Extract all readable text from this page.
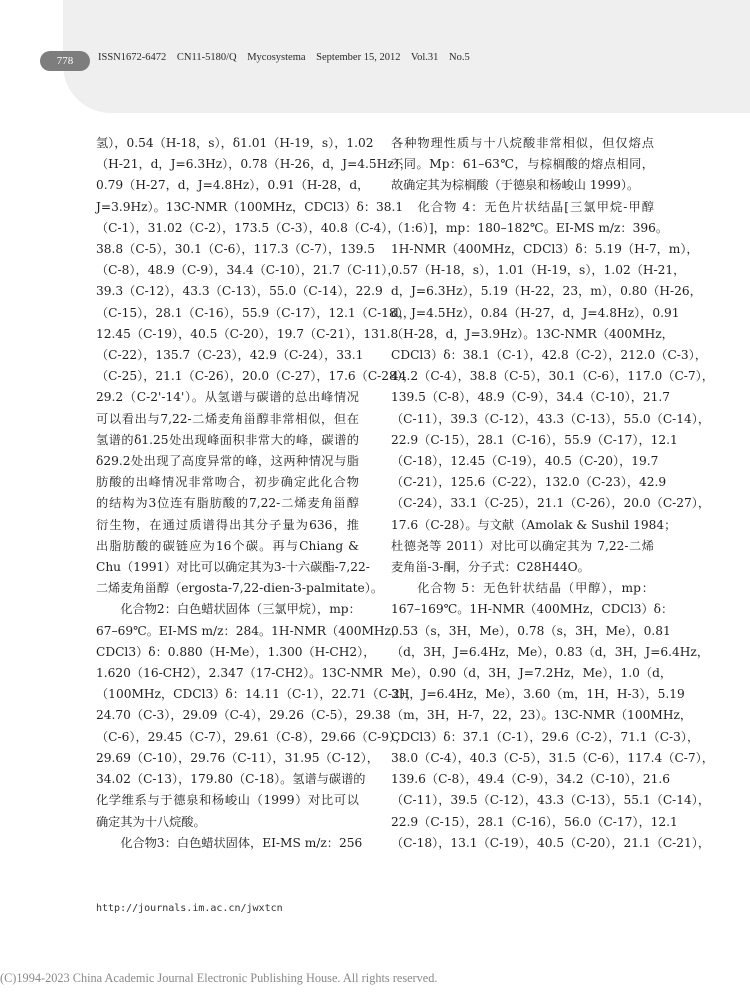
778	ISSN1672-6472 CN11-5180/Q Mycosystema September 15, 2012 Vol.31 No.5
氢），0.54（H-18，s），δ1.01（H-19，s），1.02
（H-21，d，J=6.3Hz），0.78（H-26，d，J=4.5Hz），
0.79（H-27，d，J=4.8Hz），0.91（H-28，d，
J=3.9Hz）。13C-NMR（100MHz，CDCl3）δ：38.1
（C-1），31.02（C-2），173.5（C-3），40.8（C-4），
38.8（C-5），30.1（C-6），117.3（C-7），139.5
（C-8），48.9（C-9），34.4（C-10），21.7（C-11），
39.3（C-12），43.3（C-13），55.0（C-14），22.9
（C-15），28.1（C-16），55.9（C-17），12.1（C-18），
12.45（C-19），40.5（C-20），19.7（C-21），131.8
（C-22），135.7（C-23），42.9（C-24），33.1
（C-25），21.1（C-26），20.0（C-27），17.6（C-28），
29.2（C-2'-14'）。从氢谱与碳谱的总出峰情况
可以看出与7,22-二烯麦角甾醇非常相似，但在
氢谱的δ1.25处出现峰面积非常大的峰，碳谱的
δ29.2处出现了高度异常的峰，这两种情况与脂
肪酸的出峰情况非常吻合，初步确定此化合物
的结构为3位连有脂肪酸的7,22-二烯麦角甾醇
衍生物，在通过质谱得出其分子量为636，推
出脂肪酸的碳链应为16个碳。再与Chiang &
Chu（1991）对比可以确定其为3-十六碳酯-7,22-
二烯麦角甾醇（ergosta-7,22-dien-3-palmitate）。
　　化合物2：白色蜡状固体（三氯甲烷），mp：
67–69℃。EI-MS m/z：284。1H-NMR（400MHz，
CDCl3）δ：0.880（H-Me），1.300（H-CH2），
1.620（16-CH2），2.347（17-CH2）。13C-NMR
（100MHz，CDCl3）δ：14.11（C-1），22.71（C-2），
24.70（C-3），29.09（C-4），29.26（C-5），29.38
（C-6），29.45（C-7），29.61（C-8），29.66（C-9），
29.69（C-10），29.76（C-11），31.95（C-12），
34.02（C-13），179.80（C-18）。氢谱与碳谱的
化学维系与于德泉和杨峻山（1999）对比可以
确定其为十八烷酸。
　　化合物3：白色蜡状固体，EI-MS m/z：256
各种物理性质与十八烷酸非常相似，但仅熔点
不同。Mp：61–63℃，与棕榈酸的熔点相同，
故确定其为棕榈酸（于德泉和杨峻山 1999）。
　　化合物 4：无色片状结晶[三氯甲烷-甲醇
（1:6）]，mp：180–182℃。EI-MS m/z：396。
1H-NMR（400MHz，CDCl3）δ：5.19（H-7，m），
0.57（H-18，s），1.01（H-19，s），1.02（H-21，
d，J=6.3Hz），5.19（H-22，23，m），0.80（H-26，
d，J=4.5Hz），0.84（H-27，d，J=4.8Hz），0.91
（H-28，d，J=3.9Hz）。13C-NMR（400MHz，
CDCl3）δ：38.1（C-1），42.8（C-2），212.0（C-3），
44.2（C-4），38.8（C-5），30.1（C-6），117.0（C-7），
139.5（C-8），48.9（C-9），34.4（C-10），21.7
（C-11），39.3（C-12），43.3（C-13），55.0（C-14），
22.9（C-15），28.1（C-16），55.9（C-17），12.1
（C-18），12.45（C-19），40.5（C-20），19.7
（C-21），125.6（C-22），132.0（C-23），42.9
（C-24），33.1（C-25），21.1（C-26），20.0（C-27），
17.6（C-28）。与文献（Amolak & Sushil 1984；
杜德尧等 2011）对比可以确定其为 7,22-二烯
麦角甾-3-酮，分子式：C28H44O。
　　化合物 5：无色针状结晶（甲醇），mp：
167–169℃。1H-NMR（400MHz，CDCl3）δ：
0.53（s，3H，Me），0.78（s，3H，Me），0.81
（d，3H，J=6.4Hz，Me），0.83（d，3H，J=6.4Hz，
Me），0.90（d，3H，J=7.2Hz，Me），1.0（d，
3H，J=6.4Hz，Me），3.60（m，1H，H-3），5.19
（m，3H，H-7，22，23）。13C-NMR（100MHz，
CDCl3）δ：37.1（C-1），29.6（C-2），71.1（C-3），
38.0（C-4），40.3（C-5），31.5（C-6），117.4（C-7），
139.6（C-8），49.4（C-9），34.2（C-10），21.6
（C-11），39.5（C-12），43.3（C-13），55.1（C-14），
22.9（C-15），28.1（C-16），56.0（C-17），12.1
（C-18），13.1（C-19），40.5（C-20），21.1（C-21），
http://journals.im.ac.cn/jwxtcn
(C)1994-2023 China Academic Journal Electronic Publishing House. All rights reserved.
